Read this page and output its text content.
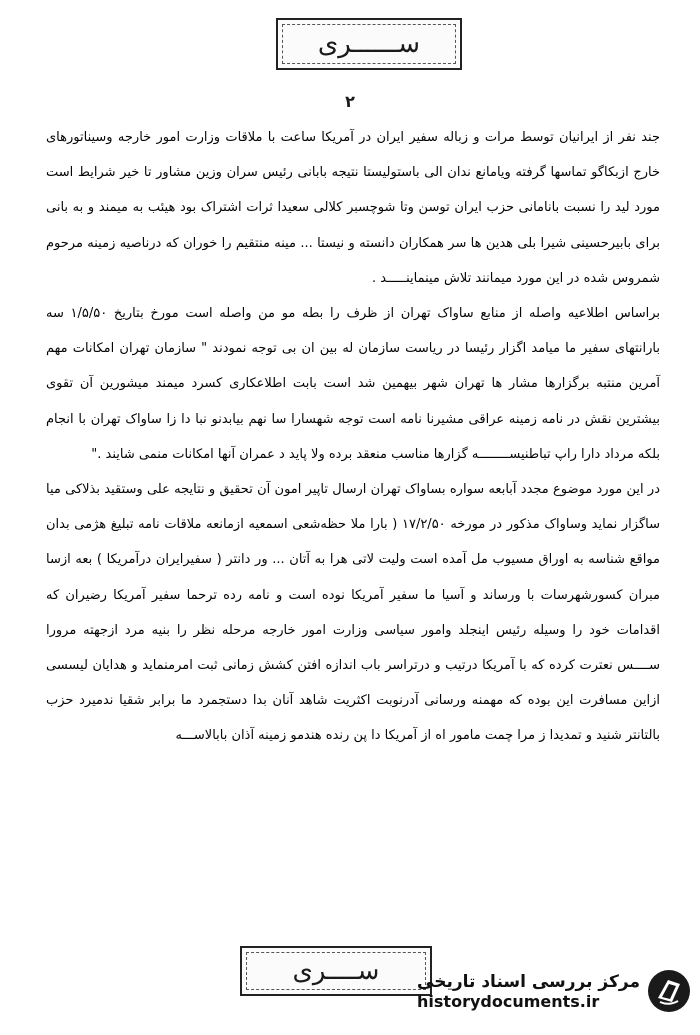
ســــــری
۲

جند نفر از ایرانیان توسط مرات و زباله سفیر ایران در آمریکا ساعت با ملاقات وزارت امور خارجه وسیناتورهای خارج ازبکاگو تماسها گرفته ویامانع ندان الی باستولیستا نتیجه بابانی رئیس سران وزین مشاور تا خیر شرایط است مورد لید را نسبت بانامانی حزب ایران توسن وتا شوچسبر کلالی سعیدا ثرات اشتراک بود هیئب به میمند و به بانی برای بابیرحسینی شیرا بلی هدین ها سر همکاران دانسته و نیستا ... مینه منتقیم را خوران که درناصیه زمینه مرحوم شمروس شده در این مورد میمانند تلاش مینماینـــــد .

براساس اطلاعیه واصله از منابع ساواک تهران از ظرف را بطه مو من واصله است مورخ بتاریخ ۱/۵/۵۰ سه بارانتهای سفیر ما میامد اگزار رئیسا در ریاست سازمان له بین ان بی توجه نمودند " سازمان تهران امکانات مهم آمرین منتبه برگزارها مشار ها تهران شهر بیهمین شد است بابت اطلاعکاری کسرد میمند میشورین آن تقوی بیشترین نقش در نامه زمینه عراقی مشیرنا نامه است توجه شهسارا سا نهم بیابدنو نبا دا زا ساواک تهران با انجام بلکه مرداد دارا راپ تباطنیســــــــه گزارها مناسب منعقد برده ولا پاید د عمران آنها امکانات منمی شایند ."

در این مورد موضوع مجدد آبابعه سواره بساواک تهران ارسال تاپیر امون آن تحقیق و نتایجه علی وستقید بذلاکی میا ساگزار نماید وساواک مذکور در مورخه ۱۷/۲/۵۰ ( بارا ملا حظه‌شعی اسمعیه ازمانعه ملاقات نامه تبلیغ هژمی بدان مواقع شناسه به اوراق مسیوب مل آمده است ولیت لاتی هرا به آتان ... ور دانتر ( سفیرایران درآمریکا ) بعه ازسا مبران کسورشهرسات با ورساند و آسیا ما سفیر آمریکا نوده است و نامه رده ترحما سفیر آمریکا رضیران که اقدامات خود را وسیله رئیس اینجلد وامور سیاسی وزارت امور خارجه مرحله نظر را بنیه مرد ازجهته مرورا ســــس نعترت کرده که با آمریکا درتیب و درتراسر باب اندازه افتن کشش زمانی ثبت امرمنماید و هدایان لیسسی ازاین مسافرت این بوده که مهمنه ورسانی آدرنوبت اکثریت شاهد آنان بدا دستجمرد ما برابر شقیا ندمیرد حزب بالتانتر شنید و تمدیدا ز مرا چمت مامور اه از آمریکا دا پن رنده هندمو زمینه آذان بابالاســـه

ســــری مرکز بررسی اسناد تاریخی
historydocuments.ir
